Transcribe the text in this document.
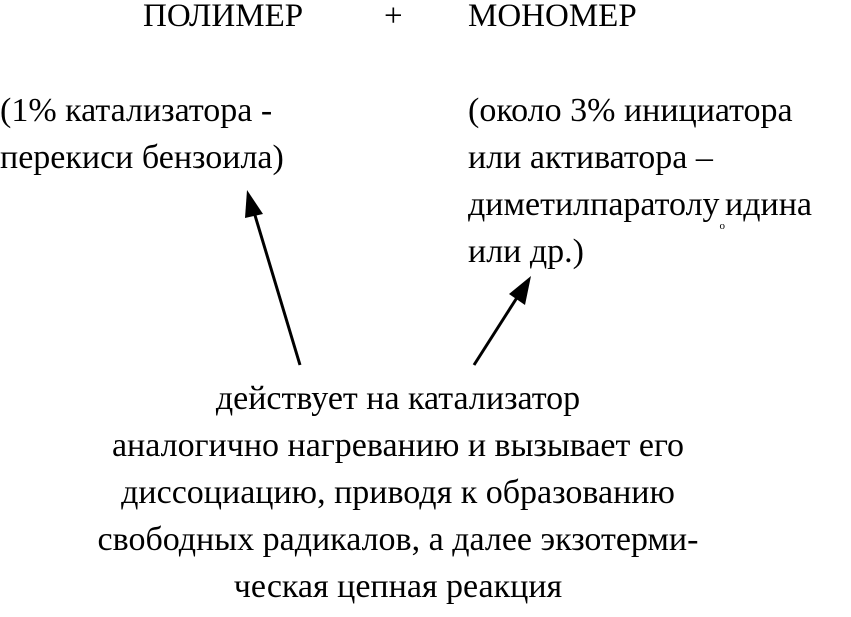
ПОЛИМЕР + МОНОМЕР
(1% катализатора -
перекиси бензоила)
(около 3% инициатора
или активатора –
диметилпаратолу$_о$идина
или др.)
действует на катализатор
аналогично нагреванию и вызывает его
диссоциацию, приводя к образованию
свободных радикалов, а далее экзотерми-
ческая цепная реакция
